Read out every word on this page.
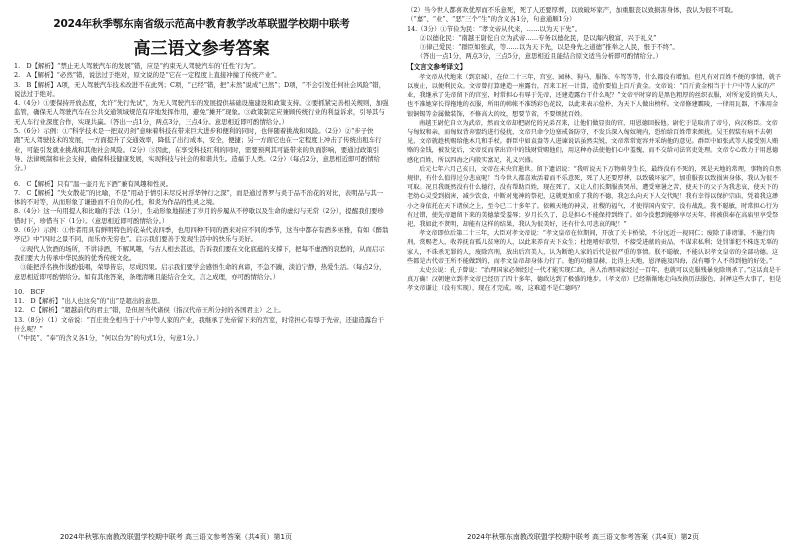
2024年秋季鄂东南省级示范高中教育教学改革联盟学校期中联考
高三语文参考答案

1.　D【解析】“禁止无人驾驶汽车的发展”错，应是“约束无人驾驶汽车的‘任性’行为”。

2.　A【解析】“必然”错，说法过于绝对，原文说的是“它在一定程度上直接冲撞了传统产业”。

3.　B【解析】A项，无人驾驶汽车技术改进不在此列；C项，“已经”错，把“未然”说成“已然”；D项，“不会引发任何社会风险”错，说法过于绝对。

4.（4分）①要保持开放态度，允许“先行先试”，为无人驾驶汽车的发展提供基础设施建设和政策支持。②要抓紧完善相关规则，加强监管，确保无人驾驶汽车在公共交通领域规范有序地发挥作用，避免“摊开”现象。③政策制定应兼顾传统行业的利益诉求，引导其与无人车行业深度合作，实现共赢。（答出一点1分，两点3分，三点4分。意思相近即可酌情给分。）

5.（6分）示例：①“科学技术是一把双刃剑”意味着科技在带来巨大进步和便利的同时，也伴随着挑战和风险。（2分）②“步子快跑”无人驾驶技术的发展，一方面提升了交通效率，降低了出行成本，安全，便捷；另一方面它也在一定程度上冲击了传统出租车行业，可能引发就业挑战和其他社会风险。（2分）③因此，在享受科技红利的同时，需要预判其可能带来的负面影响，要通过政策引导、法律规制和社会支持，确保科技健康发展，实现科技与社会的和谐共生。造福于人类。（2分）（每点2分，意思相近即可酌情给分。）

6.　C【解析】只有“温一壶月光下酒”兼有风趣和性灵。

7.　C【解析】“失女散花”的比喻，不是“用动于情引未尽反衬浮华钟行之深”，而是通过普罗与炎于品不治花的对比，表明品与其一体的不对等，从而形象了谦逊而不自负的心性，和炎为作品的性灵之境。

8.（4分）这一句用提人和比喻的手法（1分），生动形象地描述了岁月的步履从不停歇以及生命的虚幻与无常（2分），提醒我们要珍惜时下，珍惜当下（1分）。（意思相近即可酌情给分。）

9.（6分）示例：①作者用具有鲜明特色的花朵代表四季，也用四种不同的酒来对应不同的季节，这当中都存有酒多巫雅，有如《醉翁亭记》中“四时之景不同，而乐亦无穷也”。启示我们要善于发现生活中的快乐与美好。

　②现代人饮酒的场所，不讲诗酒，不解风趣，与古人相去甚远，告诉我们要在文化底蕴的支撑下，把每不虚酒的哀愁的，从而启示我们要大力传承中华民族的优秀传统文化。

　③能把浮名换作浅酌低唱，荣辱皆忘，尽成因果。启示我们要学会感悟生命的真谛，不急不躁，淡泊宁静，热爱生活。（每点2分，意思相近即可酌情给分。如有其他答案，条理清晰且能结合全文，言之成理，亦可酌情给分。）

10.　BCF

11.　D【解析】“出人也这矣”的“出”是超出的意思。

12.　C【解析】“超越前代的君主”错，是但居当代诸侯（指汉代帝王所分封的各国君主）之上。

13.（8分）（1）文帝说：“百庄贵全相当于十户中等人家的产业，我继承了先帝留下来的宫室，时常担心有辱于先帝，还建造露台干什么呢？”

（“中民”、“奉”的含义各1分，“何以台为”的句式1分，句意1分。）

2024年秋鄂东南教改联盟学校期中联考 高三语文参考答案（共4页）第1页

（2）当今世人都喜欢优厚而不乐意死，死了人还要厚葬，以致破坏家产，加重服丧以致损害身体，我认为很不可取。（“嘉”、“业”、“恶”三个“生”的含义各1分，句意通顺1分）

14.（3分）①节俭为民：“孝文帝从代来，……以为天下先”。

　　②以德化民：“南越王尉佗自立为武帝……专务以德化民，是以海内殷富，兴于礼义”

　　③律己爱民：“群臣如张武，等……以为天下先，以是身先之道德”推举之人民，恨于不终”。

　　（答出一点1分，两点3分，三点5分，意思相近且能结合原文适当分析即可酌情给分。）

【文言文参考译文】

孝文帝从代地来（到京城），在位二十三年，宫室、园林、狗马、服饰、车驾等等，什么都没有增加。但凡有对百姓不便的事情，就予以废止，以便利民众。文帝曾打算建造一座露台，召来工匠一计算，造价要值上百斤黄金。文帝说：“百斤黄金相当于十户中等人家的产业，我继承了先帝留下的宫室，时常担心有辱于先帝，还建造露台干什么呢？”文帝平时穿的是黑色粗厚的丝织衣服，对所宠爱的慎夫人，也不准她穿长得拖地的衣服，所用的帏帐不准绣彩色花纹，以此来表示俭朴，为天下人做出榜样。文帝修建霸陵，一律用瓦器，不准用金银铜锡等金属做装饰，不修高大的坟，想要节省，不要烦扰百姓。

南越王尉佗自立为武帝，然而文帝却把尉佗的兄弟召来，让他们做显贵的官，用恩德回报他。尉佗于是取消了帝号，向汉称臣。文帝与匈奴和亲，而匈奴背弃盟约进行侵扰，文帝只命令边塞戒备防守，不发兵深入匈奴境内，恐怕给百姓带来烦扰。吴王假装有病不去朝见，文帝就趁机赐给他木几和手杖。群臣中如袁盎等人进谏说话虽然尖锐，文帝常常宽容并采纳他的意见。群臣中如张武等人接受别人贿赂的金钱，被发觉后，文帝反而拿出宫中的钱财赏赐他们，用这种办法使他们心中羞愧，而不交给司法官吏处理。文帝专心致力于用恩德感化百姓，所以四海之内殷实富足，礼义兴盛。

后元七年六月己亥日，文帝在未央宫逝世。留下遗诏说：“我听说天下万物萌芽生长，最终没有不死的，死是天地的常理，事物的自然规律，有什么值得过分悲哀呢！当今世人都喜欢活着而不乐意死，死了人还要厚葬，以致破坏家产，加重服丧以致损害身体，我认为很不可取。况且我既然没有什么德行，没有帮助百姓，现在死了，又让人们长期服丧哭吊，遭受寒暑之苦，使天下的父子为我悲哀，使天下的老幼心灵受到损害，减少饮食，中断对鬼神的祭祀，这就更加重了我的不德，我怎么向天下人交代呢！我有幸得以保护宗庙，凭着我这渺小之身依托在天下诸侯之上，至今已二十多年了。依赖天地的神灵，社稷的福气，才使得国内安宁，没有战乱。我不聪敏，时常担心行为有过错，使先帝遗留下来的美德蒙受羞辱；岁月长久了，总是担心不能保持到终了。如今没想到能够享尽天年，将被供奉在高庙里享受祭祀，我如此不贤明，却能有这样的结果，我认为很美好，还有什么可悲哀的呢！”

孝文帝即位后第二十三年，大臣对孝文帝说：“孝文皇帝在位期间，开放了关卡桥梁，不分远近一视同仁；废除了诽谤罪，不施行肉刑，赏赐老人，收养抚育孤儿贫寒的人，以此来养育天下众生；杜绝嗜好欲望，不接受进献的贡品，不谋求私利；处罚罪犯不株连无辜的家人，不诛杀无罪的人，废除宫刑，放出后宫美人，认为断绝人家的后代是很严重的事情。朕不聪敏，不能认识孝文皇帝的全部功德。这些都是古代帝王所不能做到的，而孝文皇帝却身体力行了。他的功德显赫，比得上天地，恩泽施及四海，没有哪个人不得到他的好处。”

太史公说：孔子曾说：“治理国家必须经过一代才能实现仁政，善人治理国家经过一百年，也就可以克服残暴免除刑杀了。”这话真是千真万确！汉朝建立到孝文帝已经历了四十多年，德政达到了极盛的地步。（孝文帝）已经渐渐地走向改换历法服色、封禅这些大事了，但是孝文帝谦让（没有实现），现在才完成。唉，这难道不是仁德吗？

2024年秋鄂东南教改联盟学校期中联考 高三语文参考答案（共4页）第2页
